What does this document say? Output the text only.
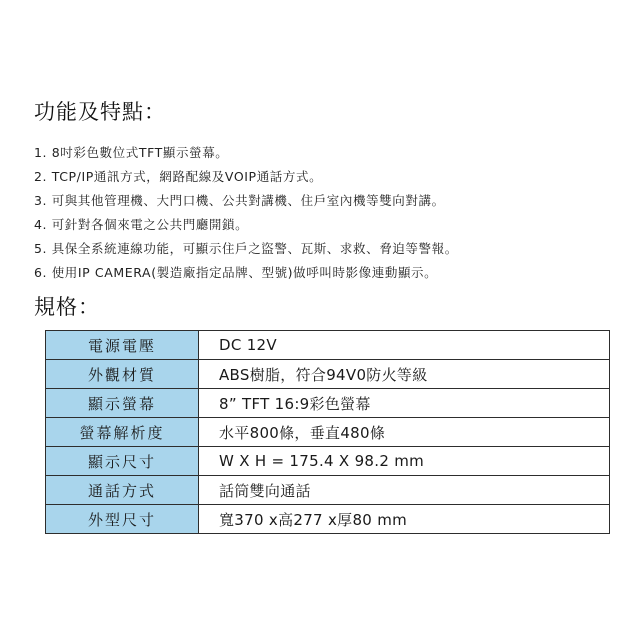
功能及特點：
1. 8吋彩色數位式TFT顯示螢幕。
2. TCP/IP通訊方式，網路配線及VOIP通話方式。
3. 可與其他管理機、大門口機、公共對講機、住戶室內機等雙向對講。
4. 可針對各個來電之公共門廳開鎖。
5. 具保全系統連線功能，可顯示住戶之盜警、瓦斯、求救、脅迫等警報。
6. 使用IP CAMERA(製造廠指定品牌、型號)做呼叫時影像連動顯示。
規格：
電源電壓	DC 12V
外觀材質	ABS樹脂，符合94V0防火等級
顯示螢幕	8” TFT 16:9彩色螢幕
螢幕解析度	水平800條，垂直480條
顯示尺寸	W X H = 175.4 X 98.2 mm
通話方式	話筒雙向通話
外型尺寸	寬370 x高277 x厚80 mm
